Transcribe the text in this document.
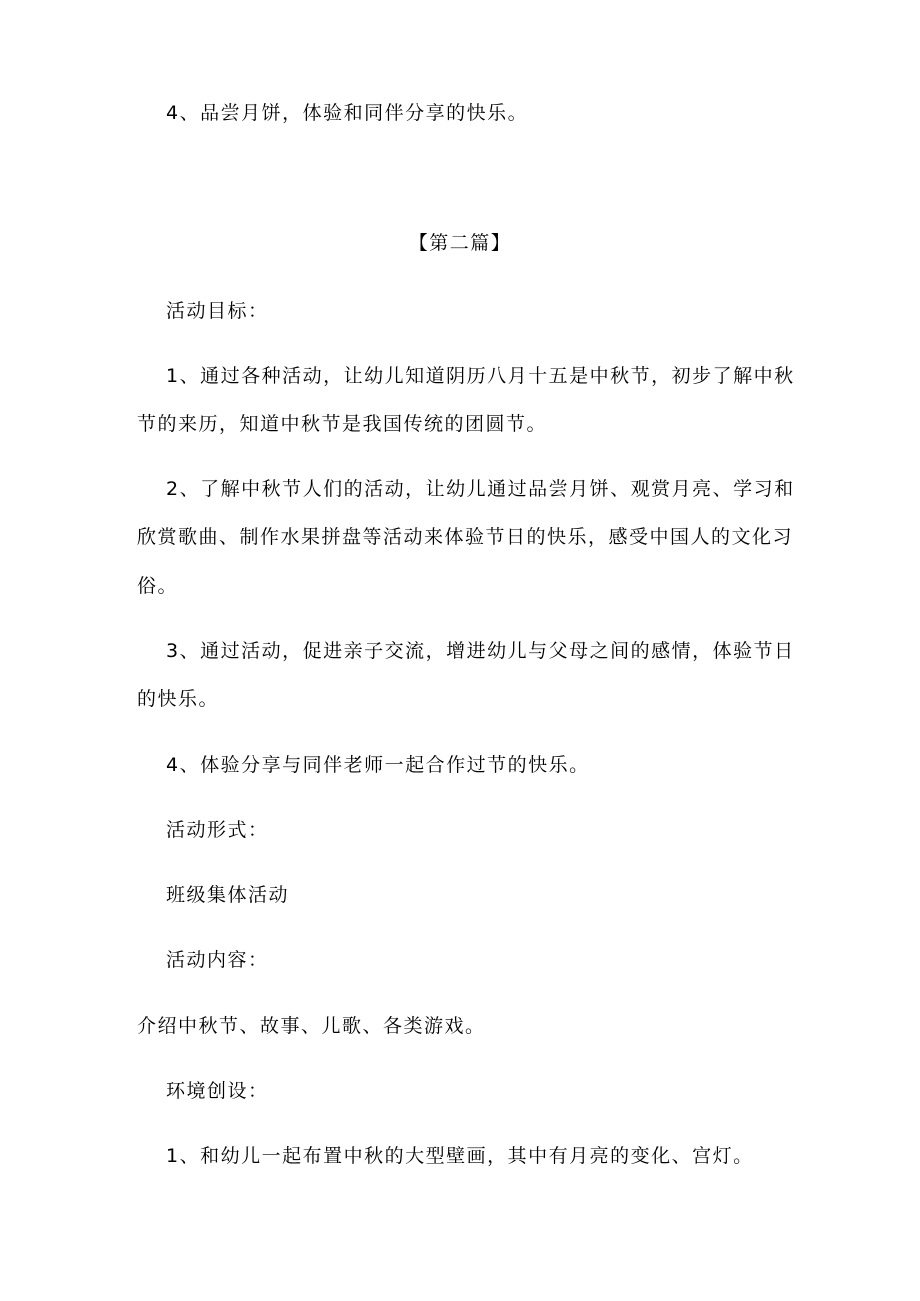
4、品尝月饼，体验和同伴分享的快乐。
【第二篇】
活动目标：
1、通过各种活动，让幼儿知道阴历八月十五是中秋节，初步了解中秋
节的来历，知道中秋节是我国传统的团圆节。
2、了解中秋节人们的活动，让幼儿通过品尝月饼、观赏月亮、学习和
欣赏歌曲、制作水果拼盘等活动来体验节日的快乐，感受中国人的文化习
俗。
3、通过活动，促进亲子交流，增进幼儿与父母之间的感情，体验节日
的快乐。
4、体验分享与同伴老师一起合作过节的快乐。
活动形式：
班级集体活动
活动内容：
介绍中秋节、故事、儿歌、各类游戏。
环境创设：
1、和幼儿一起布置中秋的大型壁画，其中有月亮的变化、宫灯。
